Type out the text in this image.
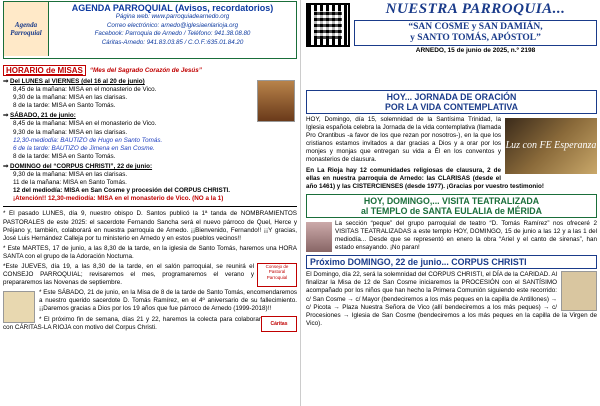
Agenda Parroquial
AGENDA PARROQUIAL (Avisos, recordatorios)
Página web: www.parroquiadearnedo.org
Correo electrónico: arnedo@iglesiaenlarioja.org
Facebook: Parroquia de Arnedo / Teléfono: 941.38.08.80
Cáritas-Arnedo: 941.83.03.85 / C.O.F.:635.01.84.20
HORARIO de MISAS	“Mes del Sagrado Corazón de Jesús”
⇒ Del LUNES al VIERNES (del 16 al 20 de junio)
8,45 de la mañana: MISA en el monasterio de Vico.
9,30 de la mañana: MISA en las clarisas.
8 de la tarde: MISA en Santo Tomás.
⇒ SÁBADO, 21 de junio:
8,45 de la mañana: MISA en el monasterio de Vico.
9,30 de la mañana: MISA en las clarisas.
12,30-mediodía: BAUTIZO de Hugo en Santo Tomás.
6 de la tarde: BAUTIZO de Jimena en San Cosme.
8 de la tarde: MISA en Santo Tomás.
⇒ DOMINGO del “CORPUS CHRISTI”, 22 de junio:
9,30 de la mañana: MISA en las clarisas.
11 de la mañana: MISA en Santo Tomás.
12 del mediodía: MISA en San Cosme y procesión del CORPUS CHRISTI.
¡Atención!! 12,30-mediodía: MISA en el monasterio de Vico. (NO a la 1)

* El pasado LUNES, día 9, nuestro obispo D. Santos publicó la 1ª tanda de NOMBRAMIENTOS PASTORALES de este 2025: el sacerdote Fernando Sancha será el nuevo párroco de Quel, Herce y Préjano y, también, colaborará en nuestra parroquia de Arnedo. ¡¡Bienvenido, Fernando!! ¡¡Y gracias, José Luis Hernández Calleja por tu ministerio en Arnedo y en estos pueblos vecinos!!

* Este MARTES, 17 de junio, a las 8,30 de la tarde, en la iglesia de Santo Tomás, haremos una HORA SANTA con el grupo de la Adoración Nocturna.

Consejo de Pastoral Parroquial

*Este JUEVES, día 19, a las 8,30 de la tarde, en el salón parroquial, se reunirá el CONSEJO PARROQUIAL; revisaremos el mes, programaremos el verano y prepararemos las Novenas de septiembre.

* Este SÁBADO, 21 de junio, en la Misa de 8 de la tarde de Santo Tomás, encomendaremos a nuestro querido sacerdote D. Tomás Ramírez, en el 4º aniversario de su fallecimiento. ¡¡Daremos gracias a Dios por los 19 años que fue párroco de Arnedo (1999-2018)!!

Cáritas

* El próximo fin de semana, días 21 y 22, haremos la colecta para colaborar con CÁRITAS-LA RIOJA con motivo del Corpus Christi.

NUESTRA PARROQUIA...
“SAN COSME y SAN DAMIÁN,
y SANTO TOMÁS, APÓSTOL”
ARNEDO, 15 de junio de 2025, n.º 2198
HOY... JORNADA DE ORACIÓN
POR LA VIDA CONTEMPLATIVA
Luz con FE Esperanza

HOY, Domingo, día 15, solemnidad de la Santísima Trinidad, la Iglesia española celebra la Jornada de la vida contemplativa (llamada Pro Orantibus -a favor de los que rezan por nosotros-), en la que los cristianos estamos invitados a dar gracias a Dios y a orar por los monjes y monjas que entregan su vida a Él en los conventos y monasterios de clausura.

En La Rioja hay 12 comunidades religiosas de clausura, 2 de ellas en nuestra parroquia de Arnedo: las CLARISAS (desde el año 1461) y las CISTERCIENSES (desde 1977). ¡Gracias por vuestro testimonio!

HOY, DOMINGO,... VISITA TEATRALIZADA
al TEMPLO de SANTA EULALIA de MÉRIDA

La sección “peque” del grupo parroquial de teatro “D. Tomás Ramírez” nos ofreceré 2 VISITAS TEATRALIZADAS a este templo HOY, DOMINGO, 15 de junio a las 12 y a las 1 del mediodía... Desde que se representó en enero la obra “Ariel y el canto de sirenas”, han estado ensayando. ¡No paran!

Próximo DOMINGO, 22 de junio... CORPUS CHRISTI

El Domingo, día 22, será la solemnidad del CORPUS CHRISTI, el DÍA de la CARIDAD. Al finalizar la Misa de 12 de San Cosme iniciaremos la PROCESIÓN con el SANTÍSIMO acompañado por los niños que han hecho la Primera Comunión siguiendo este recorrido: c/ San Cosme → c/ Mayor (bendeciremos a los más peques en la capilla de Antillones) → c/ Picota → Plaza Nuestra Señora de Vico (allí bendeciremos a los más peques) → c/ Procesiones → Iglesia de San Cosme (bendeciremos a los más peques en la capilla de la Virgen de Vico).
